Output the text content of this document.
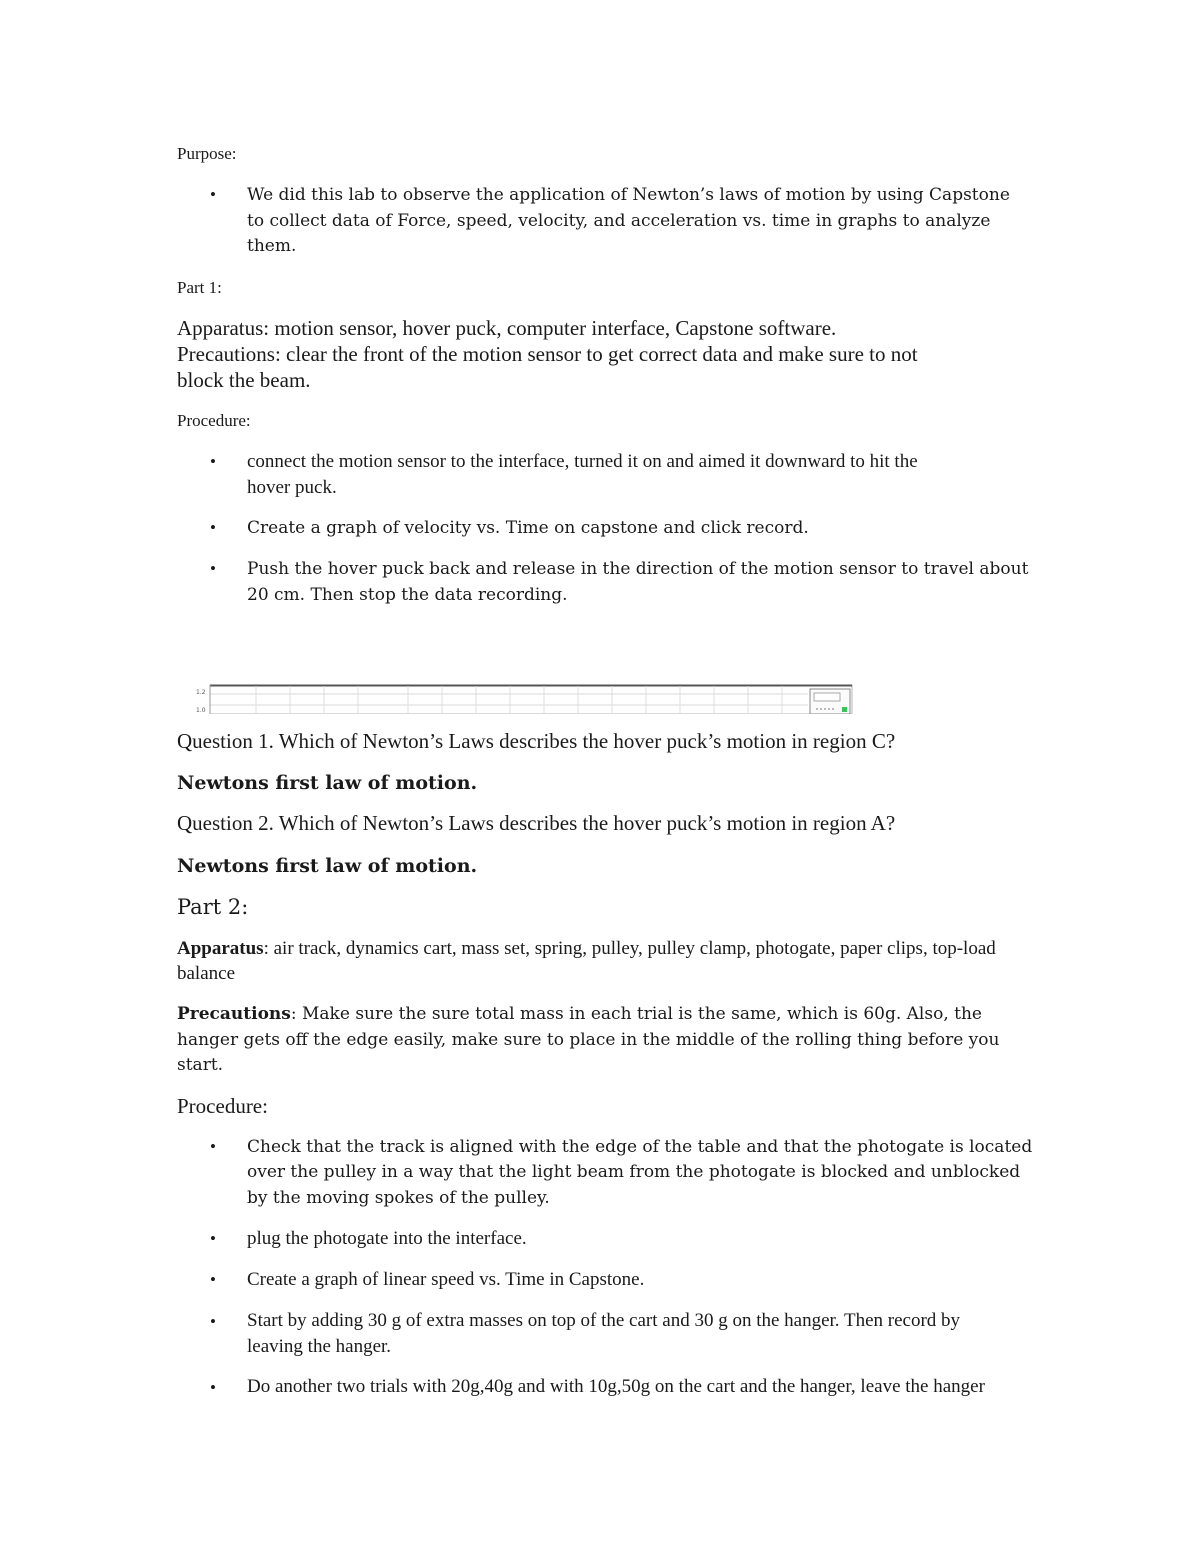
Purpose:

• We did this lab to observe the application of Newton’s laws of motion by using Capstone

to collect data of Force, speed, velocity, and acceleration vs. time in graphs to analyze

them.

Part 1:

Apparatus: motion sensor, hover puck, computer interface, Capstone software.

Precautions: clear the front of the motion sensor to get correct data and make sure to not

block the beam.

Procedure:

• connect the motion sensor to the interface, turned it on and aimed it downward to hit the

hover puck.

• Create a graph of velocity vs. Time on capstone and click record.

• Push the hover puck back and release in the direction of the motion sensor to travel about

20 cm. Then stop the data recording.

1.2
1.0

Question 1. Which of Newton’s Laws describes the hover puck’s motion in region C?

Newtons first law of motion.

Question 2. Which of Newton’s Laws describes the hover puck’s motion in region A?

Newtons first law of motion.

Part 2:

Apparatus: air track, dynamics cart, mass set, spring, pulley, pulley clamp, photogate, paper clips, top-load

balance

Precautions: Make sure the sure total mass in each trial is the same, which is 60g. Also, the

hanger gets off the edge easily, make sure to place in the middle of the rolling thing before you

start.

Procedure:

• Check that the track is aligned with the edge of the table and that the photogate is located

over the pulley in a way that the light beam from the photogate is blocked and unblocked

by the moving spokes of the pulley.

• plug the photogate into the interface.

• Create a graph of linear speed vs. Time in Capstone.

• Start by adding 30 g of extra masses on top of the cart and 30 g on the hanger. Then record by

leaving the hanger.

• Do another two trials with 20g,40g and with 10g,50g on the cart and the hanger, leave the hanger
